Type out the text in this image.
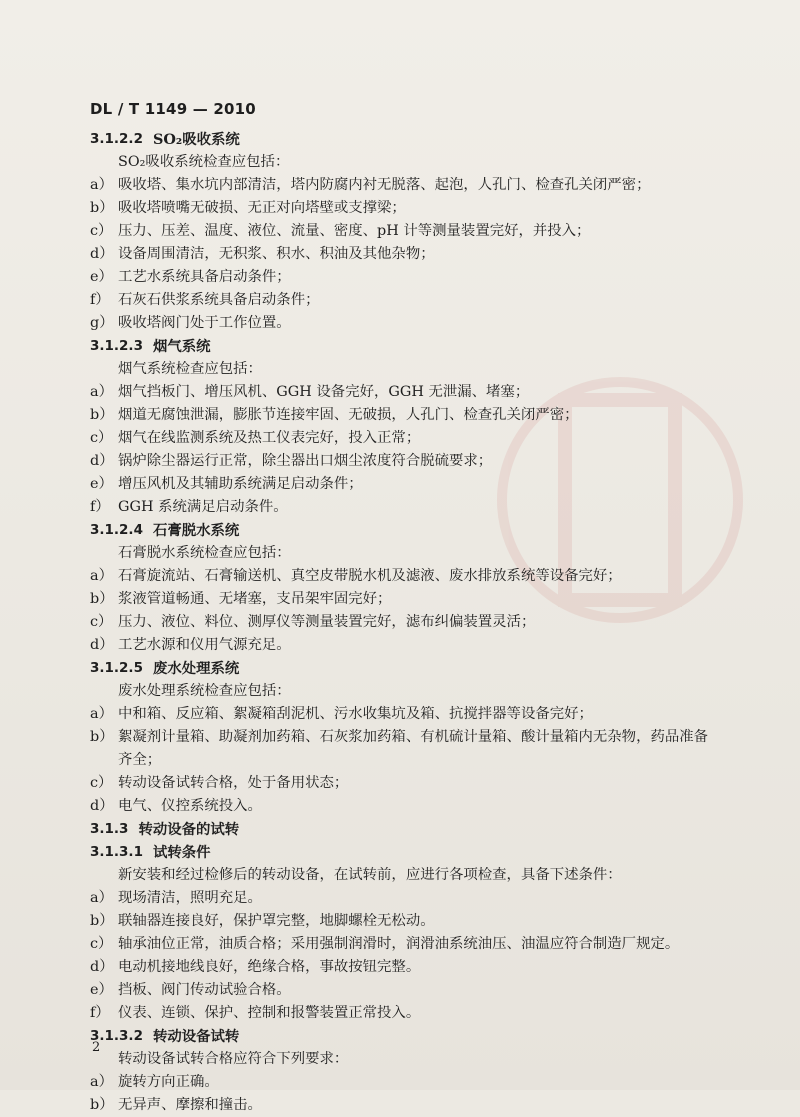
DL / T 1149 — 2010
3.1.2.2 SO₂吸收系统
SO₂吸收系统检查应包括：
a） 吸收塔、集水坑内部清洁，塔内防腐内衬无脱落、起泡，人孔门、检查孔关闭严密；
b） 吸收塔喷嘴无破损、无正对向塔壁或支撑梁；
c） 压力、压差、温度、液位、流量、密度、pH 计等测量装置完好，并投入；
d） 设备周围清洁，无积浆、积水、积油及其他杂物；
e） 工艺水系统具备启动条件；
f） 石灰石供浆系统具备启动条件；
g） 吸收塔阀门处于工作位置。
3.1.2.3 烟气系统
烟气系统检查应包括：
a） 烟气挡板门、增压风机、GGH 设备完好，GGH 无泄漏、堵塞；
b） 烟道无腐蚀泄漏，膨胀节连接牢固、无破损，人孔门、检查孔关闭严密；
c） 烟气在线监测系统及热工仪表完好，投入正常；
d） 锅炉除尘器运行正常，除尘器出口烟尘浓度符合脱硫要求；
e） 增压风机及其辅助系统满足启动条件；
f） GGH 系统满足启动条件。
3.1.2.4 石膏脱水系统
石膏脱水系统检查应包括：
a） 石膏旋流站、石膏输送机、真空皮带脱水机及滤液、废水排放系统等设备完好；
b） 浆液管道畅通、无堵塞，支吊架牢固完好；
c） 压力、液位、料位、测厚仪等测量装置完好，滤布纠偏装置灵活；
d） 工艺水源和仪用气源充足。
3.1.2.5 废水处理系统
废水处理系统检查应包括：
a） 中和箱、反应箱、絮凝箱刮泥机、污水收集坑及箱、抗搅拌器等设备完好；
b） 絮凝剂计量箱、助凝剂加药箱、石灰浆加药箱、有机硫计量箱、酸计量箱内无杂物，药品准备
齐全；
c） 转动设备试转合格，处于备用状态；
d） 电气、仪控系统投入。
3.1.3 转动设备的试转
3.1.3.1 试转条件
新安装和经过检修后的转动设备，在试转前，应进行各项检查，具备下述条件：
a） 现场清洁，照明充足。
b） 联轴器连接良好，保护罩完整，地脚螺栓无松动。
c） 轴承油位正常，油质合格；采用强制润滑时，润滑油系统油压、油温应符合制造厂规定。
d） 电动机接地线良好，绝缘合格，事故按钮完整。
e） 挡板、阀门传动试验合格。
f） 仪表、连锁、保护、控制和报警装置正常投入。
3.1.3.2 转动设备试转
转动设备试转合格应符合下列要求：
a） 旋转方向正确。
b） 无异声、摩擦和撞击。
2
